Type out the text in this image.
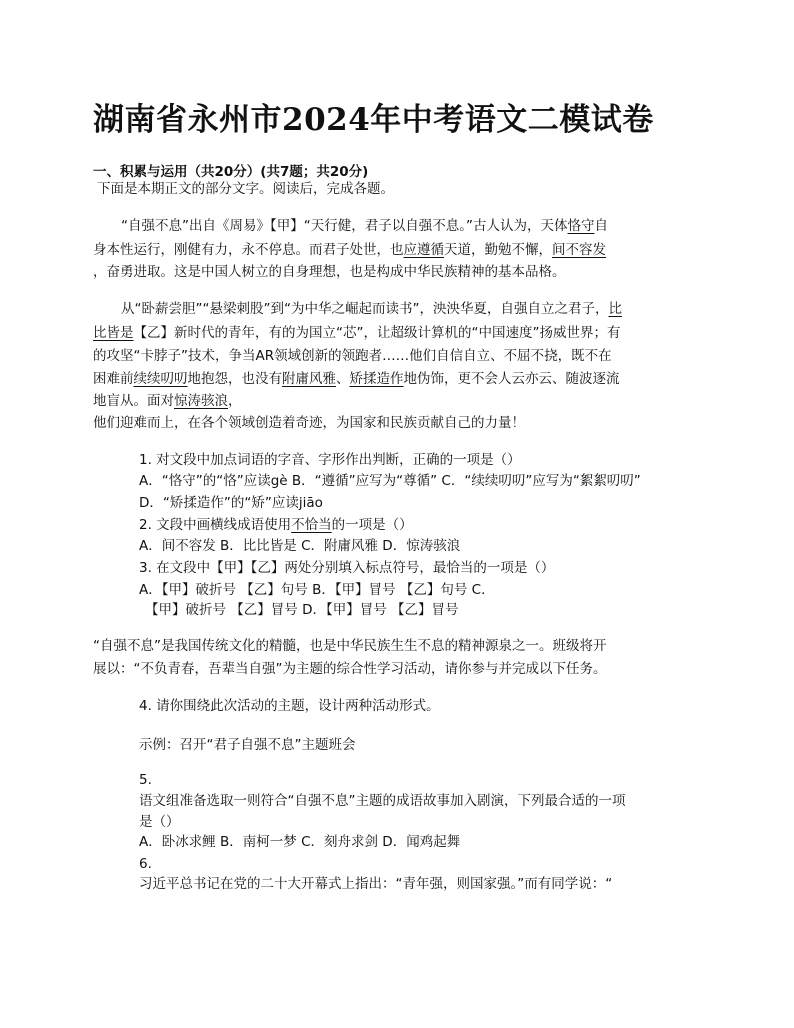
湖南省永州市2024年中考语文二模试卷
一、积累与运用（共20分）(共7题；共20分)
下面是本期正文的部分文字。阅读后，完成各题。
“自强不息”出自《周易》【甲】“天行健，君子以自强不息。”古人认为，天体恪守自
身本性运行，刚健有力，永不停息。而君子处世，也应遵循天道，勤勉不懈，间不容发
，奋勇进取。这是中国人树立的自身理想，也是构成中华民族精神的基本品格。
从“卧薪尝胆”“悬梁刺股”到“为中华之崛起而读书”，泱泱华夏，自强自立之君子，比
比皆是【乙】新时代的青年，有的为国立“芯”，让超级计算机的“中国速度”扬威世界；有
的攻坚“卡脖子”技术，争当AR领域创新的领跑者……他们自信自立、不屈不挠，既不在
困难前续续叨叨地抱怨，也没有附庸风雅、矫揉造作地伪饰，更不会人云亦云、随波逐流
地盲从。面对惊涛骇浪，
他们迎难而上，在各个领域创造着奇迹，为国家和民族贡献自己的力量！
1. 对文段中加点词语的字音、字形作出判断，正确的一项是（）
A．“恪守”的“恪”应读gè B．“遵循”应写为“尊循” C．“续续叨叨”应写为“絮絮叨叨”
D．“矫揉造作”的“矫”应读jiāo
2. 文段中画横线成语使用不恰当的一项是（）
A．间不容发 B．比比皆是 C．附庸风雅 D．惊涛骇浪
3. 在文段中【甲】【乙】两处分别填入标点符号，最恰当的一项是（）
A．【甲】破折号 【乙】句号 B．【甲】冒号 【乙】句号 C．
【甲】破折号 【乙】冒号 D．【甲】冒号 【乙】冒号
“自强不息”是我国传统文化的精髓，也是中华民族生生不息的精神源泉之一。班级将开
展以：“不负青春，吾辈当自强”为主题的综合性学习活动，请你参与并完成以下任务。
4. 请你围绕此次活动的主题，设计两种活动形式。
示例：召开“君子自强不息”主题班会
5.
语文组准备选取一则符合“自强不息”主题的成语故事加入剧演，下列最合适的一项
是（）
A．卧冰求鲤 B．南柯一梦 C．刻舟求剑 D．闻鸡起舞
6.
习近平总书记在党的二十大开幕式上指出：“青年强，则国家强。”而有同学说：“
